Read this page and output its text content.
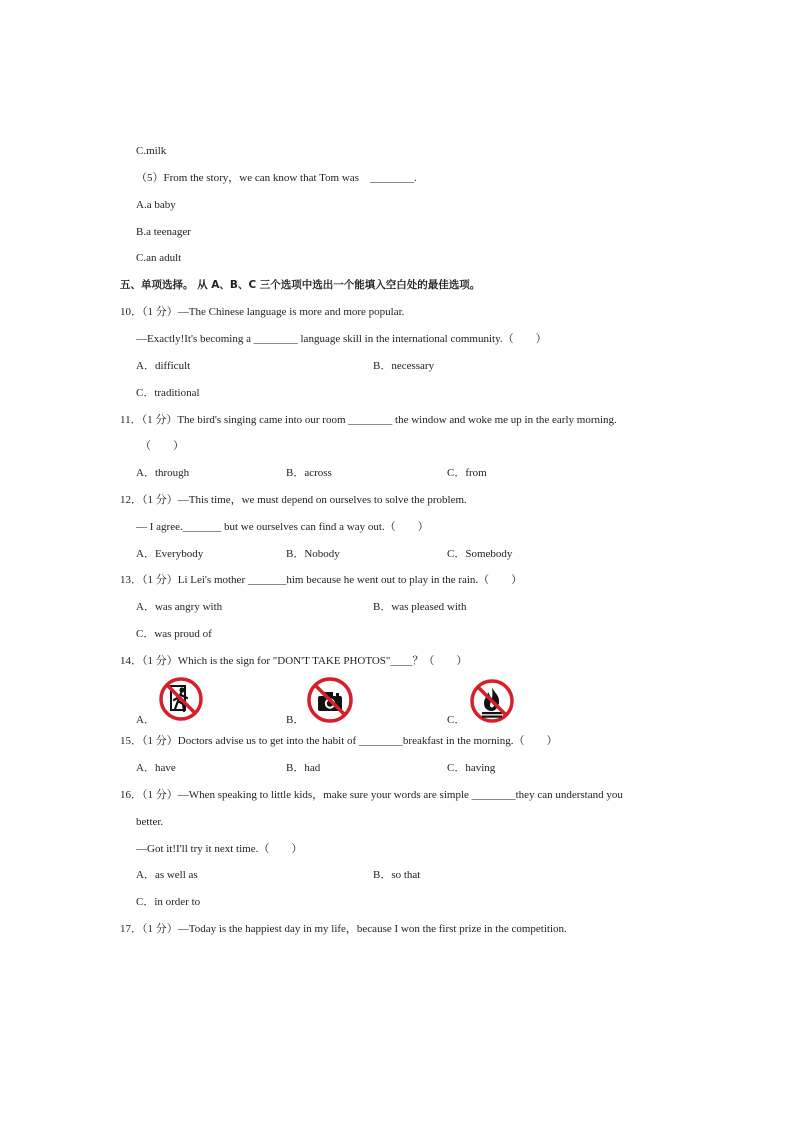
C.milk
（5）From the story，we can know that Tom was　________.
A.a baby
B.a teenager
C.an adult
五、单项选择。 从 A、B、C 三个选项中选出一个能填入空白处的最佳选项。
10．（1 分）—The Chinese language is more and more popular.
—Exactly!It's becoming a ________ language skill in the international community.（　　）
A．difficult	B．necessary
C．traditional
11．（1 分）The bird's singing came into our room ________ the window and woke me up in the early morning.
（　　）
A．through	B．across	C．from
12．（1 分）—This time，we must depend on ourselves to solve the problem.
— I agree._______ but we ourselves can find a way out.（　　）
A．Everybody	B．Nobody	C．Somebody
13．（1 分）Li Lei's mother _______him because he went out to play in the rain.（　　）
A．was angry with	B．was pleased with
C．was proud of
14．（1 分）Which is the sign for "DON'T TAKE PHOTOS"____？（　　）
A．	B．	C．
15．（1 分）Doctors advise us to get into the habit of ________breakfast in the morning.（　　）
A．have	B．had	C．having
16．（1 分）—When speaking to little kids，make sure your words are simple ________they can understand you
better.
—Got it!I'll try it next time.（　　）
A．as well as	B．so that
C．in order to
17．（1 分）—Today is the happiest day in my life，because I won the first prize in the competition.
